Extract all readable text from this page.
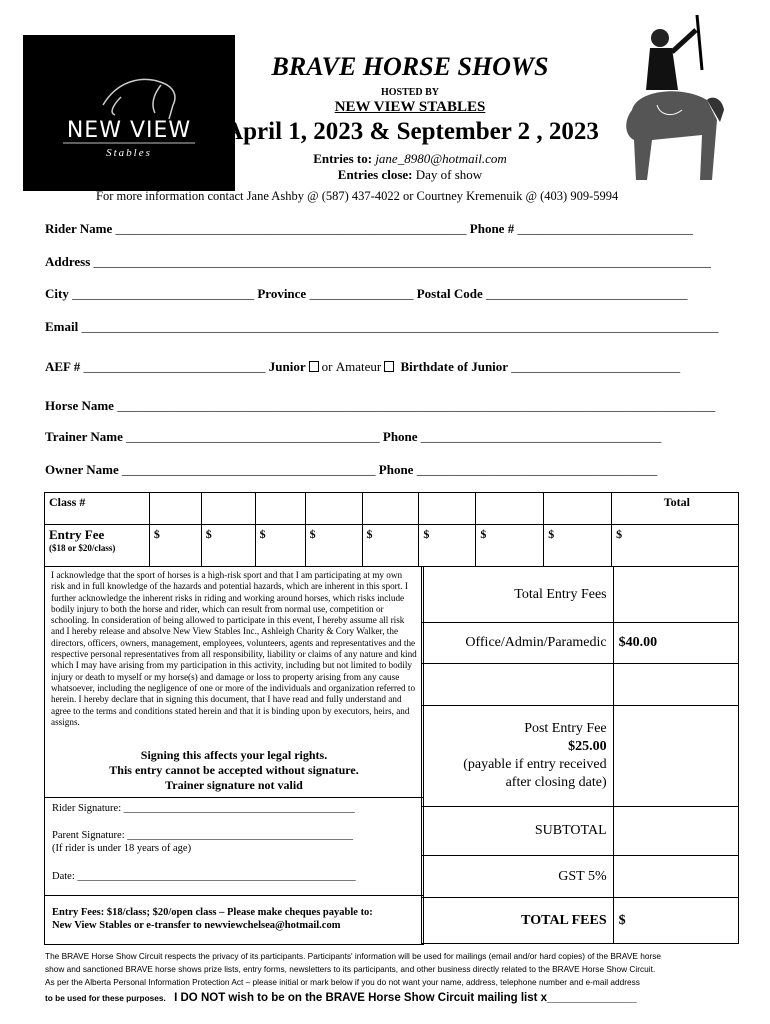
NEW VIEW
Stables
BRAVE HORSE SHOWS
HOSTED BY
NEW VIEW STABLES
April 1, 2023 & September 2 , 2023
Entries to: jane_8980@hotmail.com
Entries close: Day of show
For more information contact Jane Ashby @ (587) 437-4022 or Courtney Kremenuik @ (403) 909-5994
Rider Name ______________________________________________________ Phone # ___________________________
Address _______________________________________________________________________________________________
City ____________________________ Province ________________ Postal Code _______________________________
Email __________________________________________________________________________________________________
AEF # ____________________________ Junior or Amateur Birthdate of Junior __________________________
Horse Name ____________________________________________________________________________________________
Trainer Name _______________________________________ Phone _____________________________________
Owner Name _______________________________________ Phone _____________________________________
Class #									Total

Entry Fee
($18 or $20/class)	$	$	$	$	$	$	$	$	$
I acknowledge that the sport of horses is a high-risk sport and that I am participating at my own risk and in full knowledge of the hazards and potential hazards, which are inherent in this sport. I further acknowledge the inherent risks in riding and working around horses, which risks include bodily injury to both the horse and rider, which can result from normal use, competition or schooling. In consideration of being allowed to participate in this event, I hereby assume all risk and I hereby release and absolve New View Stables Inc., Ashleigh Charity & Cory Walker, the directors, officers, owners, management, employees, volunteers, agents and representatives and the respective personal representatives from all responsibility, liability or claims of any nature and kind which I may have arising from my participation in this activity, including but not limited to bodily injury or death to myself or my horse(s) and damage or loss to property arising from any cause whatsoever, including the negligence of one or more of the individuals and organization referred to herein. I hereby declare that in signing this document, that I have read and fully understand and agree to the terms and conditions stated herein and that it is binding upon by executors, heirs, and assigns.
Signing this affects your legal rights.
This entry cannot be accepted without signature.
Trainer signature not valid
Rider Signature: ____________________________________________
Parent Signature: ___________________________________________
(If rider is under 18 years of age)
Date: _____________________________________________________
Entry Fees: $18/class; $20/open class – Please make cheques payable to:
New View Stables or e-transfer to newviewchelsea@hotmail.com
Total Entry Fees	
Office/Admin/Paramedic	$40.00

Post Entry Fee
$25.00
(payable if entry received
after closing date)	

SUBTOTAL	
GST 5%	
TOTAL FEES	$
The BRAVE Horse Show Circuit respects the privacy of its participants. Participants' information will be used for mailings (email and/or hard copies) of the BRAVE horse
show and sanctioned BRAVE horse shows prize lists, entry forms, newsletters to its participants, and other business directly related to the BRAVE Horse Show Circuit.
As per the Alberta Personal Information Protection Act – please initial or mark below if you do not want your name, address, telephone number and e-mail address
to be used for these purposes. I DO NOT wish to be on the BRAVE Horse Show Circuit mailing list x______________
